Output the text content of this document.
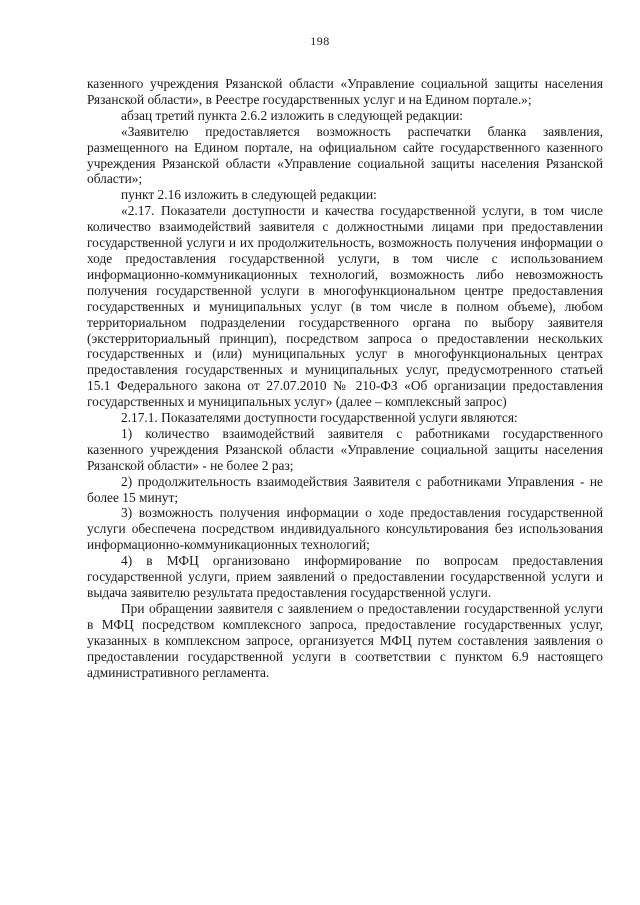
198

казенного учреждения Рязанской области «Управление социальной защиты населения Рязанской области», в Реестре государственных услуг и на Едином портале.»;

абзац третий пункта 2.6.2 изложить в следующей редакции:

«Заявителю предоставляется возможность распечатки бланка заявления, размещенного на Едином портале, на официальном сайте государственного казенного учреждения Рязанской области «Управление социальной защиты населения Рязанской области»;

пункт 2.16 изложить в следующей редакции:

«2.17. Показатели доступности и качества государственной услуги, в том числе количество взаимодействий заявителя с должностными лицами при предоставлении государственной услуги и их продолжительность, возможность получения информации о ходе предоставления государственной услуги, в том числе с использованием информационно-коммуникационных технологий, возможность либо невозможность получения государственной услуги в многофункциональном центре предоставления государственных и муниципальных услуг (в том числе в полном объеме), любом территориальном подразделении государственного органа по выбору заявителя (экстерриториальный принцип), посредством запроса о предоставлении нескольких государственных и (или) муниципальных услуг в многофункциональных центрах предоставления государственных и муниципальных услуг, предусмотренного статьей 15.1 Федерального закона от 27.07.2010 № 210-ФЗ «Об организации предоставления государственных и муниципальных услуг» (далее – комплексный запрос)

2.17.1. Показателями доступности государственной услуги являются:

1) количество взаимодействий заявителя с работниками государственного казенного учреждения Рязанской области «Управление социальной защиты населения Рязанской области» - не более 2 раз;

2) продолжительность взаимодействия Заявителя с работниками Управления - не более 15 минут;

3) возможность получения информации о ходе предоставления государственной услуги обеспечена посредством индивидуального консультирования без использования информационно-коммуникационных технологий;

4) в МФЦ организовано информирование по вопросам предоставления государственной услуги, прием заявлений о предоставлении государственной услуги и выдача заявителю результата предоставления государственной услуги.

При обращении заявителя с заявлением о предоставлении государственной услуги в МФЦ посредством комплексного запроса, предоставление государственных услуг, указанных в комплексном запросе, организуется МФЦ путем составления заявления о предоставлении государственной услуги в соответствии с пунктом 6.9 настоящего административного регламента.
